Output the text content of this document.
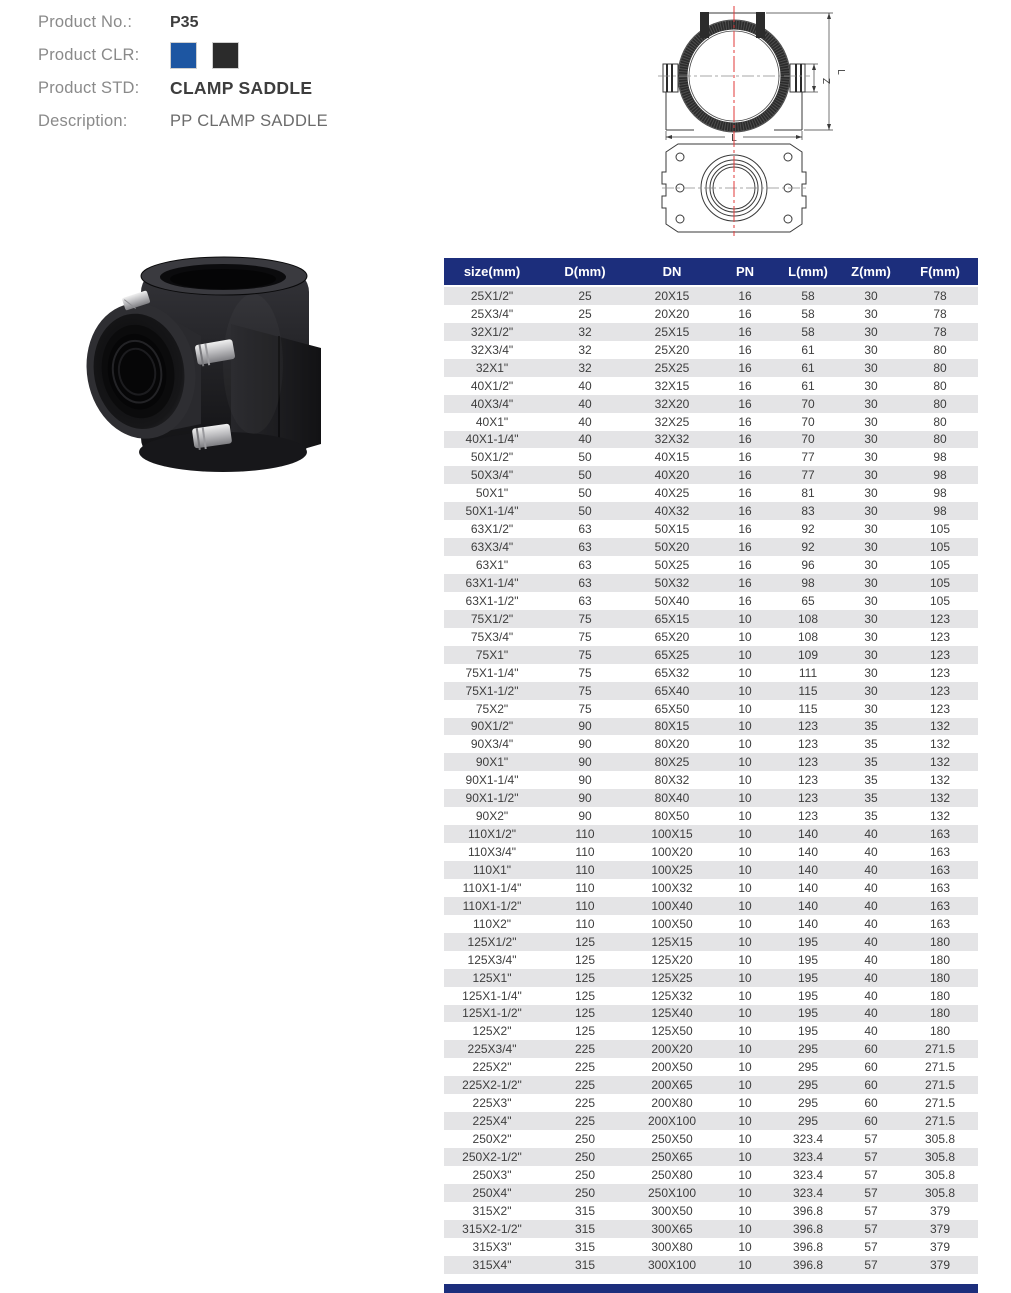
Product No.:	P35
Product CLR:
Product STD:	CLAMP SADDLE
Description:	PP CLAMP SADDLE
L
Z
L
size(mm)	D(mm)	DN	PN	L(mm)	Z(mm)	F(mm)
25X1/2"	25	20X15	16	58	30	78
25X3/4"	25	20X20	16	58	30	78
32X1/2"	32	25X15	16	58	30	78
32X3/4"	32	25X20	16	61	30	80
32X1"	32	25X25	16	61	30	80
40X1/2"	40	32X15	16	61	30	80
40X3/4"	40	32X20	16	70	30	80
40X1"	40	32X25	16	70	30	80
40X1-1/4"	40	32X32	16	70	30	80
50X1/2"	50	40X15	16	77	30	98
50X3/4"	50	40X20	16	77	30	98
50X1"	50	40X25	16	81	30	98
50X1-1/4"	50	40X32	16	83	30	98
63X1/2"	63	50X15	16	92	30	105
63X3/4"	63	50X20	16	92	30	105
63X1"	63	50X25	16	96	30	105
63X1-1/4"	63	50X32	16	98	30	105
63X1-1/2"	63	50X40	16	65	30	105
75X1/2"	75	65X15	10	108	30	123
75X3/4"	75	65X20	10	108	30	123
75X1"	75	65X25	10	109	30	123
75X1-1/4"	75	65X32	10	111	30	123
75X1-1/2"	75	65X40	10	115	30	123
75X2"	75	65X50	10	115	30	123
90X1/2"	90	80X15	10	123	35	132
90X3/4"	90	80X20	10	123	35	132
90X1"	90	80X25	10	123	35	132
90X1-1/4"	90	80X32	10	123	35	132
90X1-1/2"	90	80X40	10	123	35	132
90X2"	90	80X50	10	123	35	132
110X1/2"	110	100X15	10	140	40	163
110X3/4"	110	100X20	10	140	40	163
110X1"	110	100X25	10	140	40	163
110X1-1/4"	110	100X32	10	140	40	163
110X1-1/2"	110	100X40	10	140	40	163
110X2"	110	100X50	10	140	40	163
125X1/2"	125	125X15	10	195	40	180
125X3/4"	125	125X20	10	195	40	180
125X1"	125	125X25	10	195	40	180
125X1-1/4"	125	125X32	10	195	40	180
125X1-1/2"	125	125X40	10	195	40	180
125X2"	125	125X50	10	195	40	180
225X3/4"	225	200X20	10	295	60	271.5
225X2"	225	200X50	10	295	60	271.5
225X2-1/2"	225	200X65	10	295	60	271.5
225X3"	225	200X80	10	295	60	271.5
225X4"	225	200X100	10	295	60	271.5
250X2"	250	250X50	10	323.4	57	305.8
250X2-1/2"	250	250X65	10	323.4	57	305.8
250X3"	250	250X80	10	323.4	57	305.8
250X4"	250	250X100	10	323.4	57	305.8
315X2"	315	300X50	10	396.8	57	379
315X2-1/2"	315	300X65	10	396.8	57	379
315X3"	315	300X80	10	396.8	57	379
315X4"	315	300X100	10	396.8	57	379
